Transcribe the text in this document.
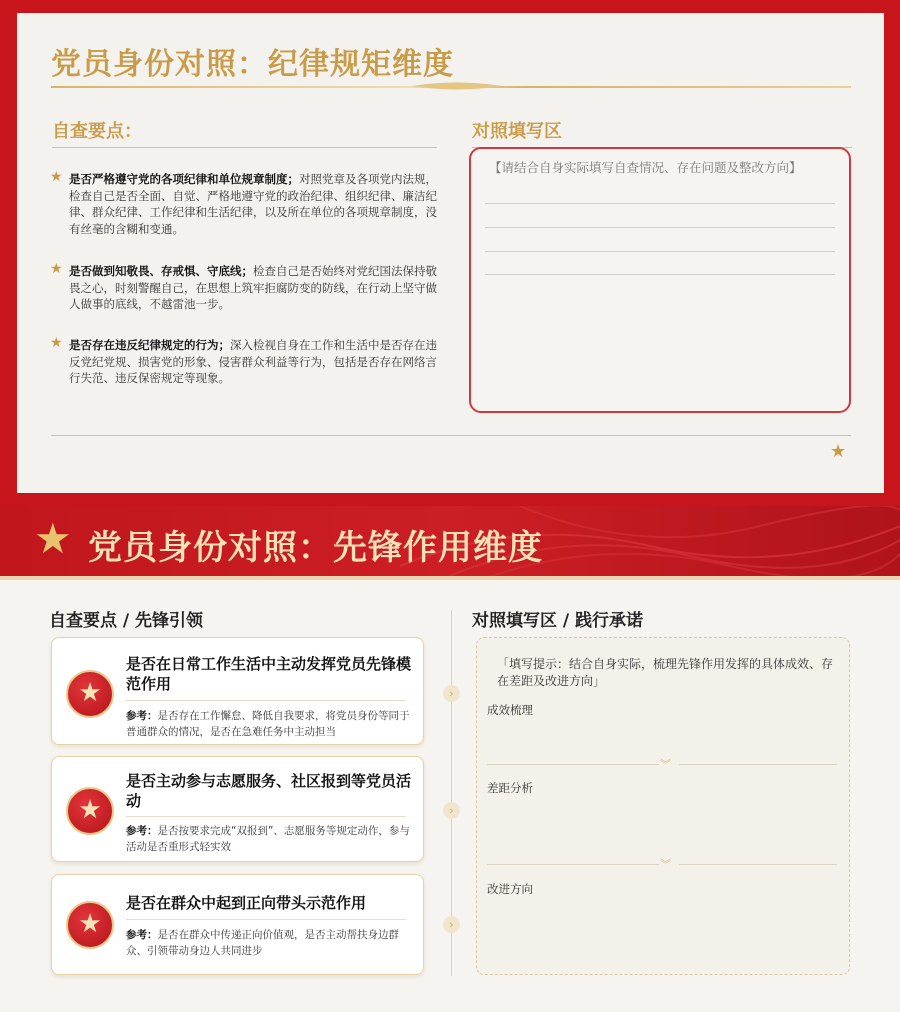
党员身份对照：纪律规矩维度
自查要点：	对照填写区
★ 是否严格遵守党的各项纪律和单位规章制度；对照党章及各项党内法规，检查自己是否全面、自觉、严格地遵守党的政治纪律、组织纪律、廉洁纪律、群众纪律、工作纪律和生活纪律，以及所在单位的各项规章制度，没有丝毫的含糊和变通。
★ 是否做到知敬畏、存戒惧、守底线；检查自己是否始终对党纪国法保持敬畏之心，时刻警醒自己，在思想上筑牢拒腐防变的防线，在行动上坚守做人做事的底线，不越雷池一步。
★ 是否存在违反纪律规定的行为；深入检视自身在工作和生活中是否存在违反党纪党规、损害党的形象、侵害群众利益等行为，包括是否存在网络言行失范、违反保密规定等现象。
【请结合自身实际填写自查情况、存在问题及整改方向】
★
★ 党员身份对照：先锋作用维度
自查要点 / 先锋引领	对照填写区 / 践行承诺
★
是否在日常工作生活中主动发挥党员先锋模范作用
参考：是否存在工作懈怠、降低自我要求，将党员身份等同于普通群众的情况，是否在急难任务中主动担当
›
★
是否主动参与志愿服务、社区报到等党员活动
参考：是否按要求完成“双报到”、志愿服务等规定动作，参与活动是否重形式轻实效
›
★
是否在群众中起到正向带头示范作用
参考：是否在群众中传递正向价值观，是否主动帮扶身边群众、引领带动身边人共同进步
›
「填写提示：结合自身实际，梳理先锋作用发挥的具体成效、存在差距及改进方向」
成效梳理
︾
差距分析
︾
改进方向
